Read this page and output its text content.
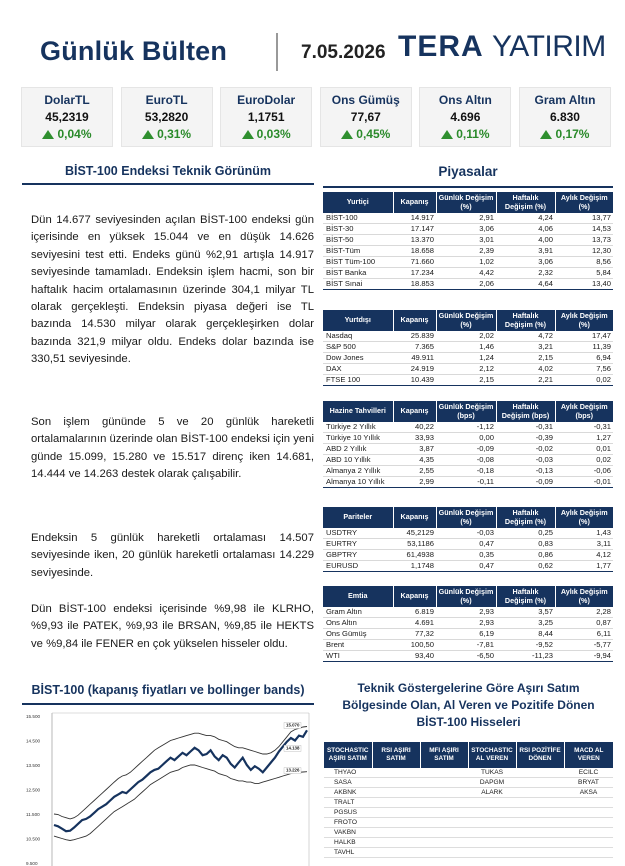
Günlük Bülten	7.05.2026 TERA YATIRIM
DolarTL
45,2319
0,04%
EuroTL
53,2820
0,31%
EuroDolar
1,1751
0,03%
Ons Gümüş
77,67
0,45%
Ons Altın
4.696
0,11%
Gram Altın
6.830
0,17%
BİST-100 Endeksi Teknik Görünüm
Dün 14.677 seviyesinden açılan BİST-100 endeksi gün içerisinde en yüksek 15.044 ve en düşük 14.626 seviyesini test etti. Endeks günü %2,91 artışla 14.917 seviyesinde tamamladı. Endeksin işlem hacmi, son bir haftalık hacim ortalamasının üzerinde 304,1 milyar TL olarak gerçekleşti. Endeksin piyasa değeri ise TL bazında 14.530 milyar olarak gerçekleşirken dolar bazında 321,9 milyar oldu. Endeks dolar bazında ise 330,51 seviyesinde.
Son işlem gününde 5 ve 20 günlük hareketli ortalamalarının üzerinde olan BİST-100 endeksi için yeni günde 15.099, 15.280 ve 15.517 direnç iken 14.681, 14.444 ve 14.263 destek olarak çalışabilir.
Endeksin 5 günlük hareketli ortalaması 14.507 seviyesinde iken, 20 günlük hareketli ortalaması 14.229 seviyesinde.
Dün BİST-100 endeksi içerisinde %9,98 ile KLRHO, %9,93 ile PATEK, %9,93 ile BRSAN, %9,85 ile HEKTS ve %9,84 ile FENER en çok yükselen hisseler oldu.
BİST-100 (kapanış fiyatları ve bollinger bands)
15.500
14.500
13.500
12.500
11.500
10.500
9.500
15.070
14.138
13.226
Piyasalar
Yurtiçi	Kapanış	Günlük Değişim (%)	Haftalık Değişim (%)	Aylık Değişim (%)
BİST-100	14.917	2,91	4,24	13,77
BİST-30	17.147	3,06	4,06	14,53
BİST-50	13.370	3,01	4,00	13,73
BİST-Tüm	18.658	2,39	3,91	12,30
BİST Tüm-100	71.660	1,02	3,06	8,56
BİST Banka	17.234	4,42	2,32	5,84
BİST Sınai	18.853	2,06	4,64	13,40
Yurtdışı	Kapanış	Günlük Değişim (%)	Haftalık Değişim (%)	Aylık Değişim (%)
Nasdaq	25.839	2,02	4,72	17,47
S&P 500	7.365	1,46	3,21	11,39
Dow Jones	49.911	1,24	2,15	6,94
DAX	24.919	2,12	4,02	7,56
FTSE 100	10.439	2,15	2,21	0,02
Hazine Tahvilleri	Kapanış	Günlük Değişim (bps)	Haftalık Değişim (bps)	Aylık Değişim (bps)
Türkiye 2 Yıllık	40,22	-1,12	-0,31	-0,31
Türkiye 10 Yıllık	33,93	0,00	-0,39	1,27
ABD 2 Yıllık	3,87	-0,09	-0,02	0,01
ABD 10 Yıllık	4,35	-0,08	-0,03	0,02
Almanya 2 Yıllık	2,55	-0,18	-0,13	-0,06
Almanya 10 Yıllık	2,99	-0,11	-0,09	-0,01
Pariteler	Kapanış	Günlük Değişim (%)	Haftalık Değişim (%)	Aylık Değişim (%)
USDTRY	45,2129	-0,03	0,25	1,43
EURTRY	53,1186	0,47	0,83	3,11
GBPTRY	61,4938	0,35	0,86	4,12
EURUSD	1,1748	0,47	0,62	1,77
Emtia	Kapanış	Günlük Değişim (%)	Haftalık Değişim (%)	Aylık Değişim (%)
Gram Altın	6.819	2,93	3,57	2,28
Ons Altın	4.691	2,93	3,25	0,87
Ons Gümüş	77,32	6,19	8,44	6,11
Brent	100,50	-7,81	-9,52	-5,77
WTI	93,40	-6,50	-11,23	-9,94
Teknik Göstergelerine Göre Aşırı Satım Bölgesinde Olan, Al Veren ve Pozitife Dönen BİST-100 Hisseleri
STOCHASTIC AŞIRI SATIM	RSI AŞIRI SATIM	MFI AŞIRI SATIM	STOCHASTIC AL VEREN	RSI POZİTİFE DÖNEN	MACD AL VEREN
THYAO			TUKAS		ECILC
SASA			DAPGM		BRYAT
AKBNK			ALARK		AKSA
TRALT					
PGSUS					
FROTO					
VAKBN					
HALKB					
TAVHL					
